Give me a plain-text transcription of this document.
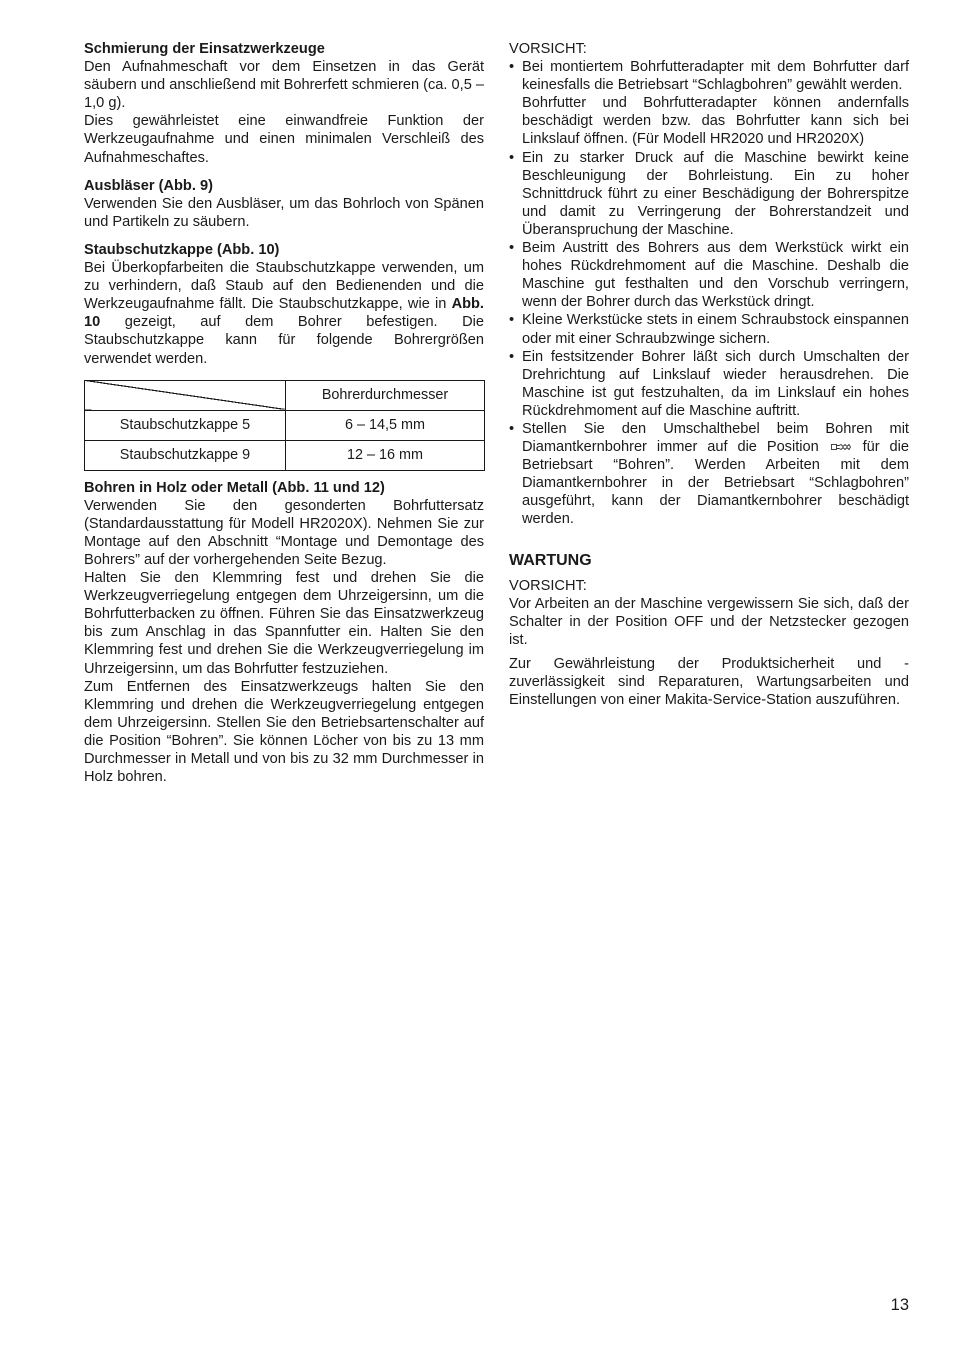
Schmierung der Einsatzwerkzeuge

Den Aufnahmeschaft vor dem Einsetzen in das Gerät säubern und anschließend mit Bohrerfett schmieren (ca. 0,5 – 1,0 g).

Dies gewährleistet eine einwandfreie Funktion der Werkzeugaufnahme und einen minimalen Verschleiß des Aufnahmeschaftes.

Ausbläser (Abb. 9)

Verwenden Sie den Ausbläser, um das Bohrloch von Spänen und Partikeln zu säubern.

Staubschutzkappe (Abb. 10)

Bei Überkopfarbeiten die Staubschutzkappe verwenden, um zu verhindern, daß Staub auf den Bedienenden und die Werkzeugaufnahme fällt. Die Staubschutzkappe, wie in Abb. 10 gezeigt, auf dem Bohrer befestigen. Die Staubschutzkappe kann für folgende Bohrergrößen verwendet werden.

	Bohrerdurchmesser
Staubschutzkappe 5	6 – 14,5 mm
Staubschutzkappe 9	12 – 16 mm
Bohren in Holz oder Metall (Abb. 11 und 12)

Verwenden Sie den gesonderten Bohrfuttersatz (Standardausstattung für Modell HR2020X). Nehmen Sie zur Montage auf den Abschnitt “Montage und Demontage des Bohrers” auf der vorhergehenden Seite Bezug.

Halten Sie den Klemmring fest und drehen Sie die Werkzeugverriegelung entgegen dem Uhrzeigersinn, um die Bohrfutterbacken zu öffnen. Führen Sie das Einsatzwerkzeug bis zum Anschlag in das Spannfutter ein. Halten Sie den Klemmring fest und drehen Sie die Werkzeugverriegelung im Uhrzeigersinn, um das Bohrfutter festzuziehen.

Zum Entfernen des Einsatzwerkzeugs halten Sie den Klemmring und drehen die Werkzeugverriegelung entgegen dem Uhrzeigersinn. Stellen Sie den Betriebsartenschalter auf die Position “Bohren”. Sie können Löcher von bis zu 13 mm Durchmesser in Metall und von bis zu 32 mm Durchmesser in Holz bohren.

VORSICHT:

• Bei montiertem Bohrfutteradapter mit dem Bohrfutter darf keinesfalls die Betriebsart “Schlagbohren” gewählt werden.
Bohrfutter und Bohrfutteradapter können andernfalls beschädigt werden bzw. das Bohrfutter kann sich bei Linkslauf öffnen. (Für Modell HR2020 und HR2020X)
• Ein zu starker Druck auf die Maschine bewirkt keine Beschleunigung der Bohrleistung. Ein zu hoher Schnittdruck führt zu einer Beschädigung der Bohrerspitze und damit zu Verringerung der Bohrerstandzeit und Überanspruchung der Maschine.
• Beim Austritt des Bohrers aus dem Werkstück wirkt ein hohes Rückdrehmoment auf die Maschine. Deshalb die Maschine gut festhalten und den Vorschub verringern, wenn der Bohrer durch das Werkstück dringt.
• Kleine Werkstücke stets in einem Schraubstock einspannen oder mit einer Schraubzwinge sichern.
• Ein festsitzender Bohrer läßt sich durch Umschalten der Drehrichtung auf Linkslauf wieder herausdrehen. Die Maschine ist gut festzuhalten, da im Linkslauf ein hohes Rückdrehmoment auf die Maschine auftritt.
• Stellen Sie den Umschalthebel beim Bohren mit Diamantkernbohrer immer auf die Position	für die Betriebsart “Bohren”. Werden Arbeiten mit dem Diamantkernbohrer in der Betriebsart “Schlagbohren” ausgeführt, kann der Diamantkernbohrer beschädigt werden.
WARTUNG

VORSICHT:

Vor Arbeiten an der Maschine vergewissern Sie sich, daß der Schalter in der Position OFF und der Netzstecker gezogen ist.

Zur Gewährleistung der Produktsicherheit und -zuverlässigkeit sind Reparaturen, Wartungsarbeiten und Einstellungen von einer Makita-Service-Station auszuführen.

13
